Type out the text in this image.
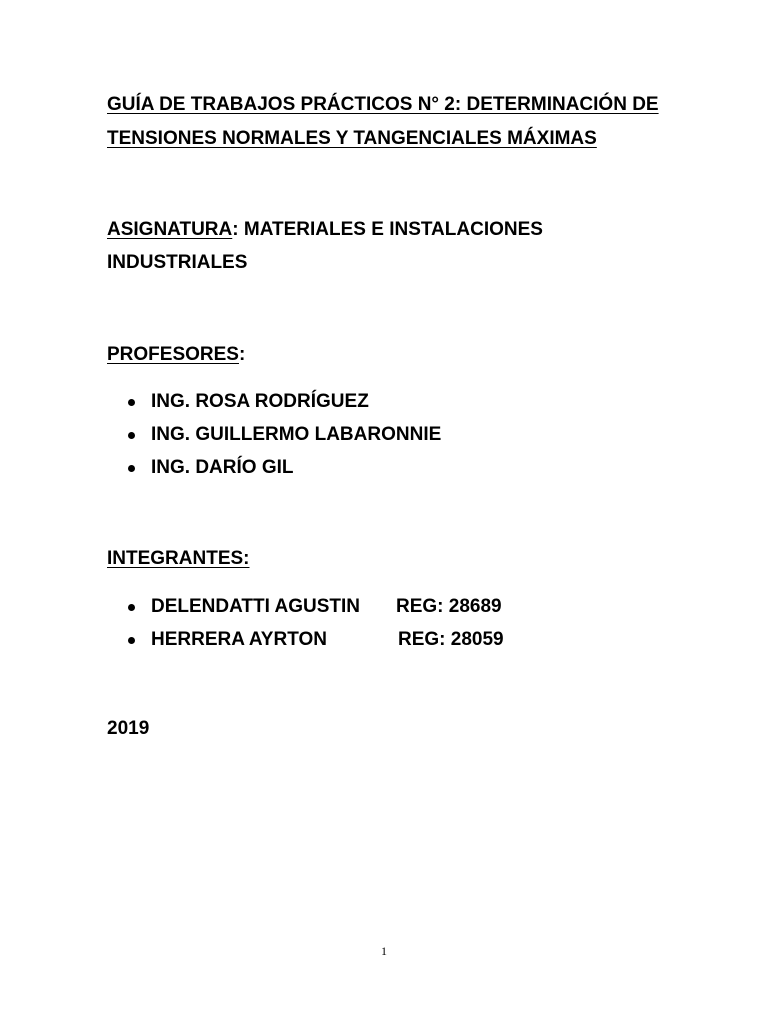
GUÍA DE TRABAJOS PRÁCTICOS N° 2: DETERMINACIÓN DE
TENSIONES NORMALES Y TANGENCIALES MÁXIMAS
ASIGNATURA: MATERIALES E INSTALACIONES
INDUSTRIALES
PROFESORES:
ING. ROSA RODRÍGUEZ
ING. GUILLERMO LABARONNIE
ING. DARÍO GIL
INTEGRANTES:
DELENDATTI AGUSTIN REG: 28689
HERRERA AYRTON	REG: 28059
2019
1
